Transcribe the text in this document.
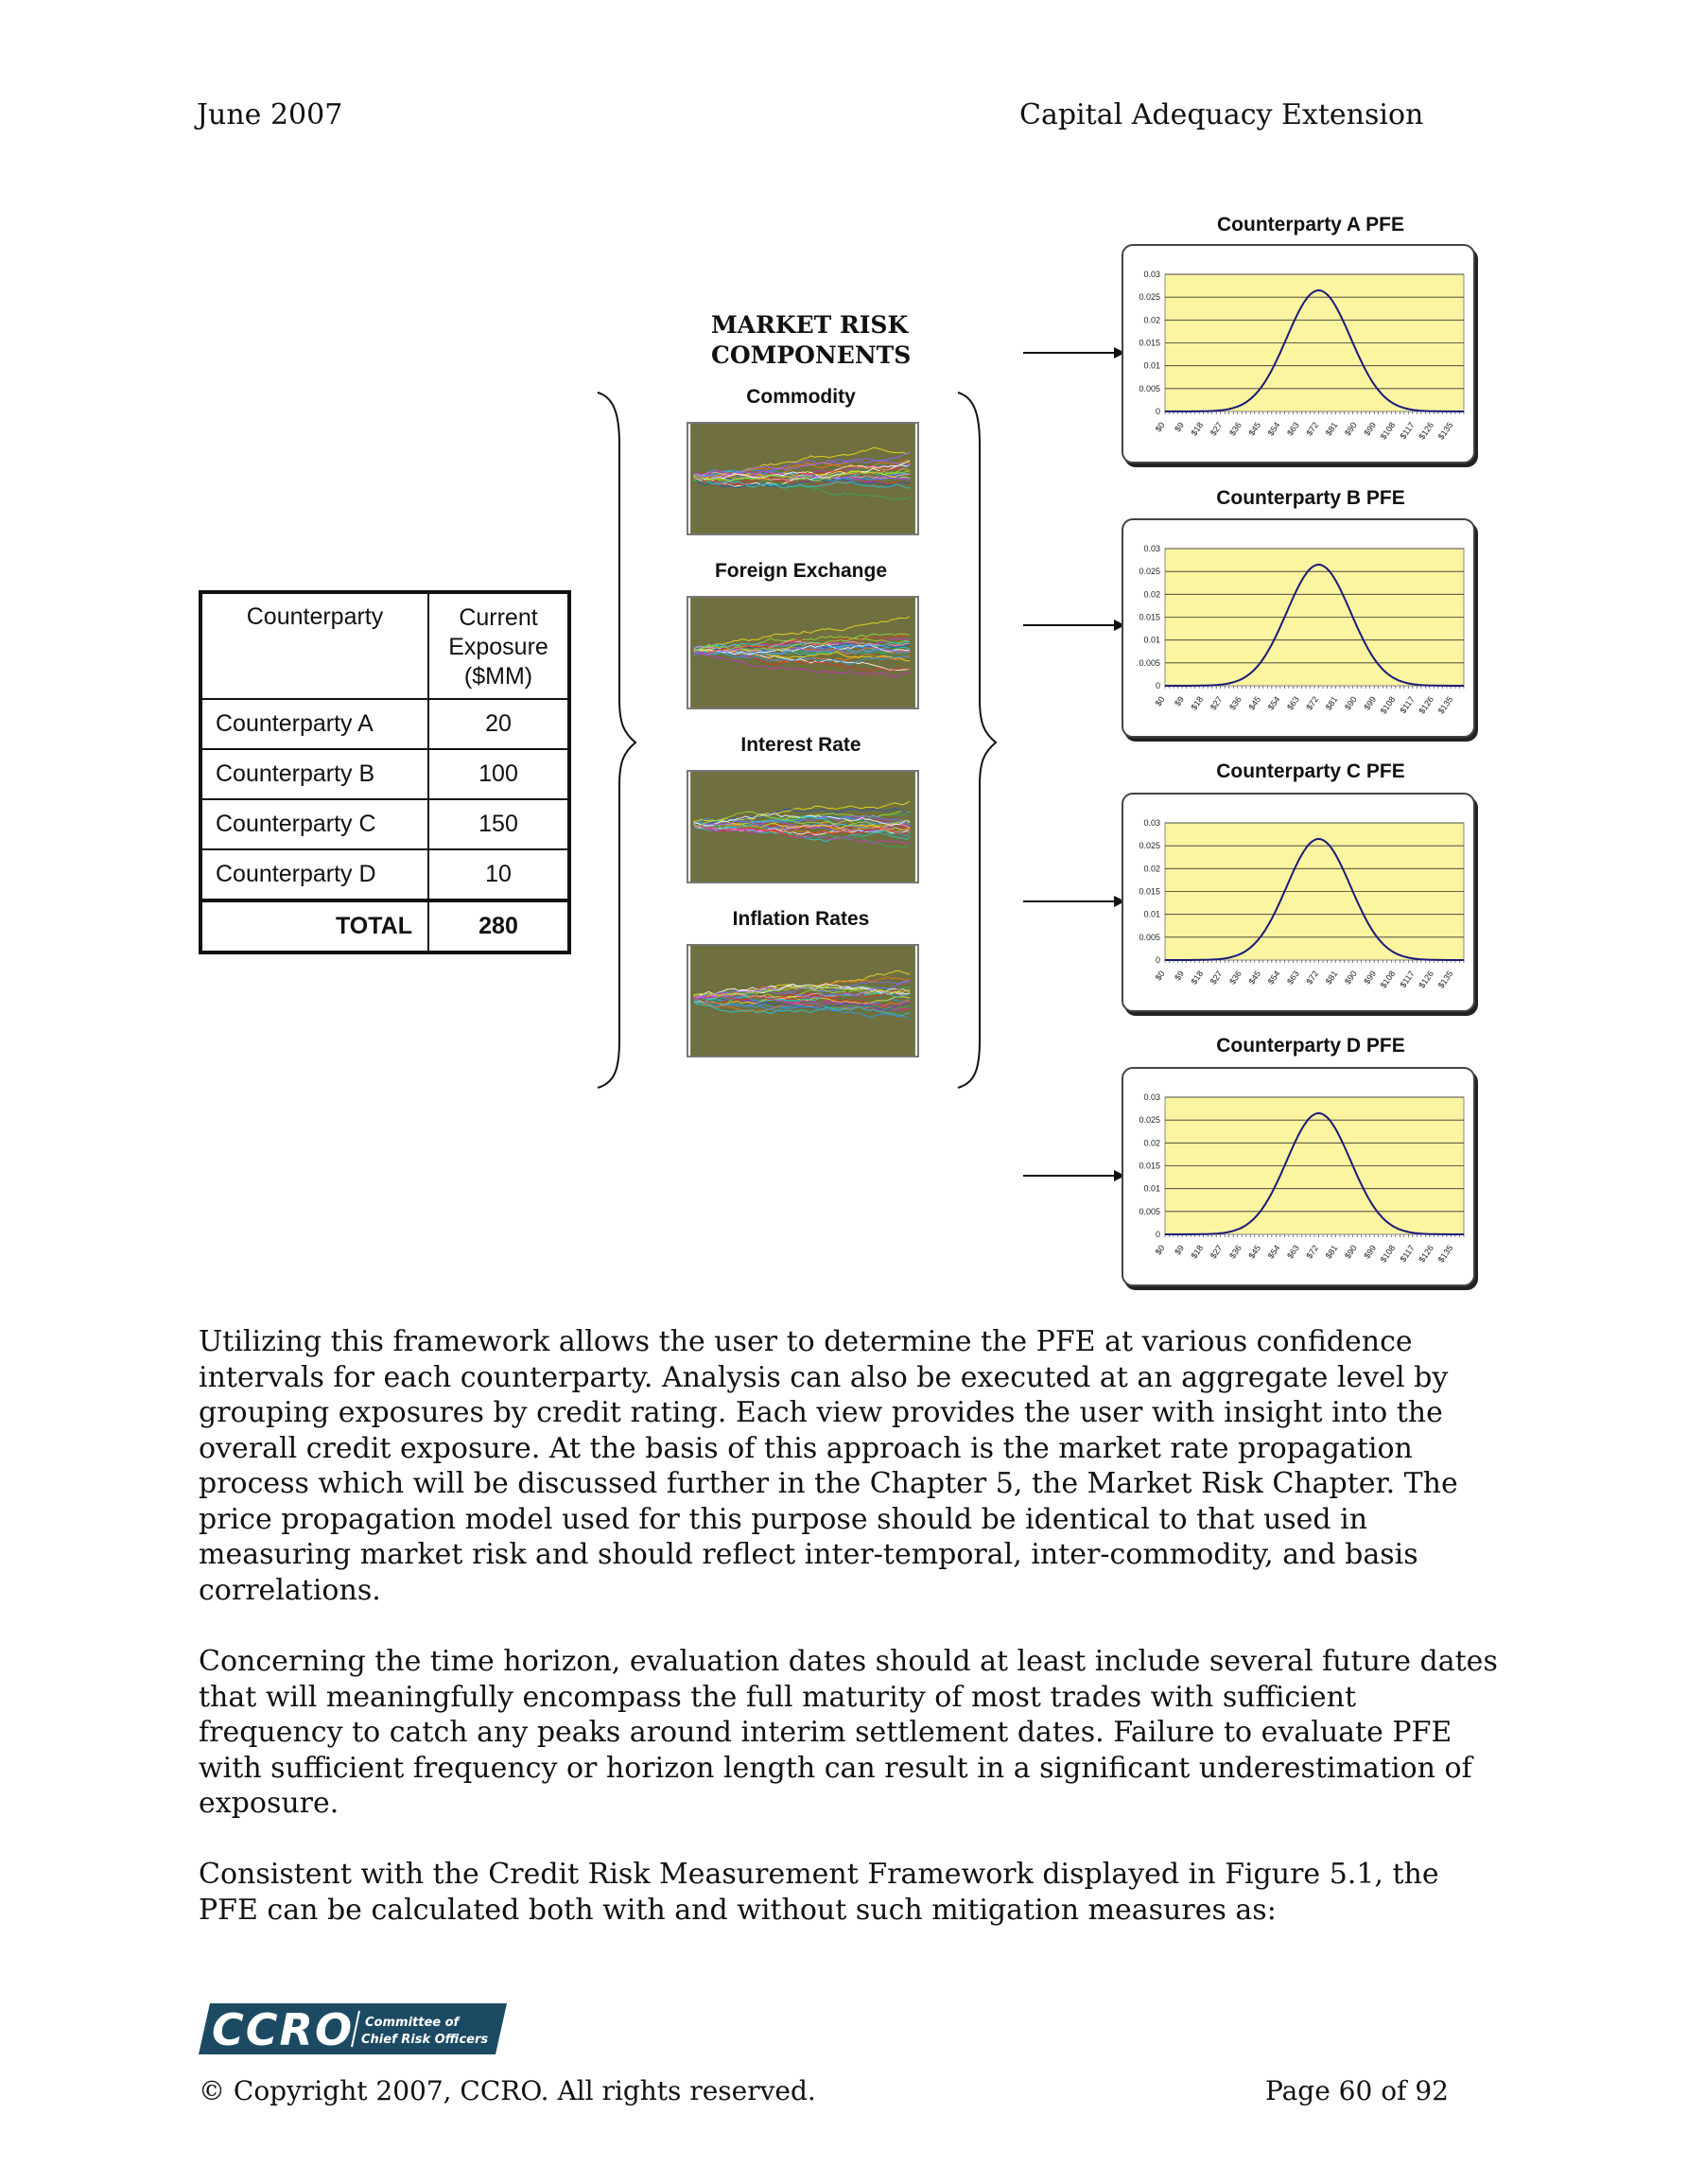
June 2007	Capital Adequacy Extension
Counterparty	Current Exposure ($MM)
Counterparty A	20
Counterparty B	100
Counterparty C	150
Counterparty D	10
TOTAL	280
MARKET RISK COMPONENTS
Commodity
Foreign Exchange
Interest Rate
Inflation Rates
Counterparty A PFE
0.03
0.025
0.02
0.015
0.01
0.005
0
$0 $9 $18 $27 $36 $45 $54 $63 $72 $81 $90 $99 $108 $117 $126 $135
Counterparty B PFE
0.03
0.025
0.02
0.015
0.01
0.005
0
$0 $9 $18 $27 $36 $45 $54 $63 $72 $81 $90 $99 $108 $117 $126 $135
Counterparty C PFE
0.03
0.025
0.02
0.015
0.01
0.005
0
$0 $9 $18 $27 $36 $45 $54 $63 $72 $81 $90 $99 $108 $117 $126 $135
Counterparty D PFE
0.03
0.025
0.02
0.015
0.01
0.005
0
$0 $9 $18 $27 $36 $45 $54 $63 $72 $81 $90 $99 $108 $117 $126 $135

Utilizing this framework allows the user to determine the PFE at various confidence intervals for each counterparty. Analysis can also be executed at an aggregate level by grouping exposures by credit rating. Each view provides the user with insight into the overall credit exposure. At the basis of this approach is the market rate propagation process which will be discussed further in the Chapter 5, the Market Risk Chapter. The price propagation model used for this purpose should be identical to that used in measuring market risk and should reflect inter-temporal, inter-commodity, and basis correlations.

Concerning the time horizon, evaluation dates should at least include several future dates that will meaningfully encompass the full maturity of most trades with sufficient frequency to catch any peaks around interim settlement dates. Failure to evaluate PFE with sufficient frequency or horizon length can result in a significant underestimation of exposure.

Consistent with the Credit Risk Measurement Framework displayed in Figure 5.1, the PFE can be calculated both with and without such mitigation measures as:

CCRO Committee of
Chief Risk Officers
© Copyright 2007, CCRO. All rights reserved.	Page 60 of 92
